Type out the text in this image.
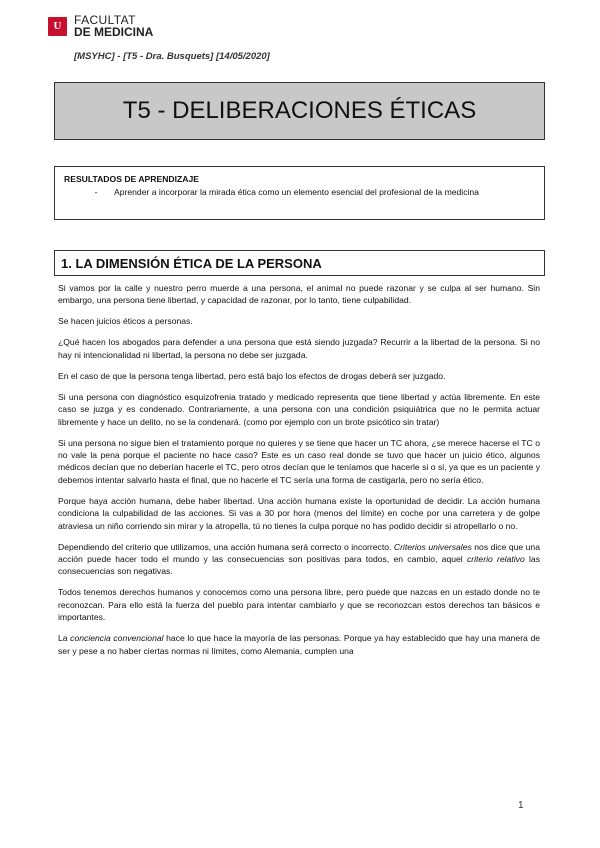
U	FACULTAT
DE MEDICINA
[MSYHC] - [T5 - Dra. Busquets] [14/05/2020]
T5 - DELIBERACIONES ÉTICAS
RESULTADOS DE APRENDIZAJE
-	Aprender a incorporar la mirada ética como un elemento esencial del profesional de la medicina
1. LA DIMENSIÓN ÉTICA DE LA PERSONA

Si vamos por la calle y nuestro perro muerde a una persona, el animal no puede razonar y se culpa al ser humano. Sin embargo, una persona tiene libertad, y capacidad de razonar, por lo tanto, tiene culpabilidad.

Se hacen juicios éticos a personas.

¿Qué hacen los abogados para defender a una persona que está siendo juzgada? Recurrir a la libertad de la persona. Si no hay ni intencionalidad ni libertad, la persona no debe ser juzgada.

En el caso de que la persona tenga libertad, pero está bajo los efectos de drogas deberá ser juzgado.

Si una persona con diagnóstico esquizofrenia tratado y medicado representa que tiene libertad y actúa libremente. En este caso se juzga y es condenado. Contrariamente, a una persona con una condición psiquiátrica que no le permita actuar libremente y hace un delito, no se la condenará. (como por ejemplo con un brote psicótico sin tratar)

Si una persona no sigue bien el tratamiento porque no quieres y se tiene que hacer un TC ahora, ¿se merece hacerse el TC o no vale la pena porque el paciente no hace caso? Este es un caso real donde se tuvo que hacer un juicio ético, algunos médicos decían que no deberían hacerle el TC, pero otros decían que le teníamos que hacerle si o si, ya que es un paciente y debemos intentar salvarlo hasta el final, que no hacerle el TC sería una forma de castigarla, pero no sería ético.

Porque haya acción humana, debe haber libertad. Una acción humana existe la oportunidad de decidir. La acción humana condiciona la culpabilidad de las acciones. Si vas a 30 por hora (menos del límite) en coche por una carretera y de golpe atraviesa un niño corriendo sin mirar y la atropella, tú no tienes la culpa porque no has podido decidir si atropellarlo o no.

Dependiendo del criterio que utilizamos, una acción humana será correcto o incorrecto. Criterios universales nos dice que una acción puede hacer todo el mundo y las consecuencias son positivas para todos, en cambio, aquel criterio relativo las consecuencias son negativas.

Todos tenemos derechos humanos y conocemos como una persona libre, pero puede que nazcas en un estado donde no te reconozcan. Para ello está la fuerza del pueblo para intentar cambiarlo y que se reconozcan estos derechos tan básicos e importantes.

La conciencia convencional hace lo que hace la mayoría de las personas. Porque ya hay establecido que hay una manera de ser y pese a no haber ciertas normas ni límites, como Alemania, cumplen una

1
